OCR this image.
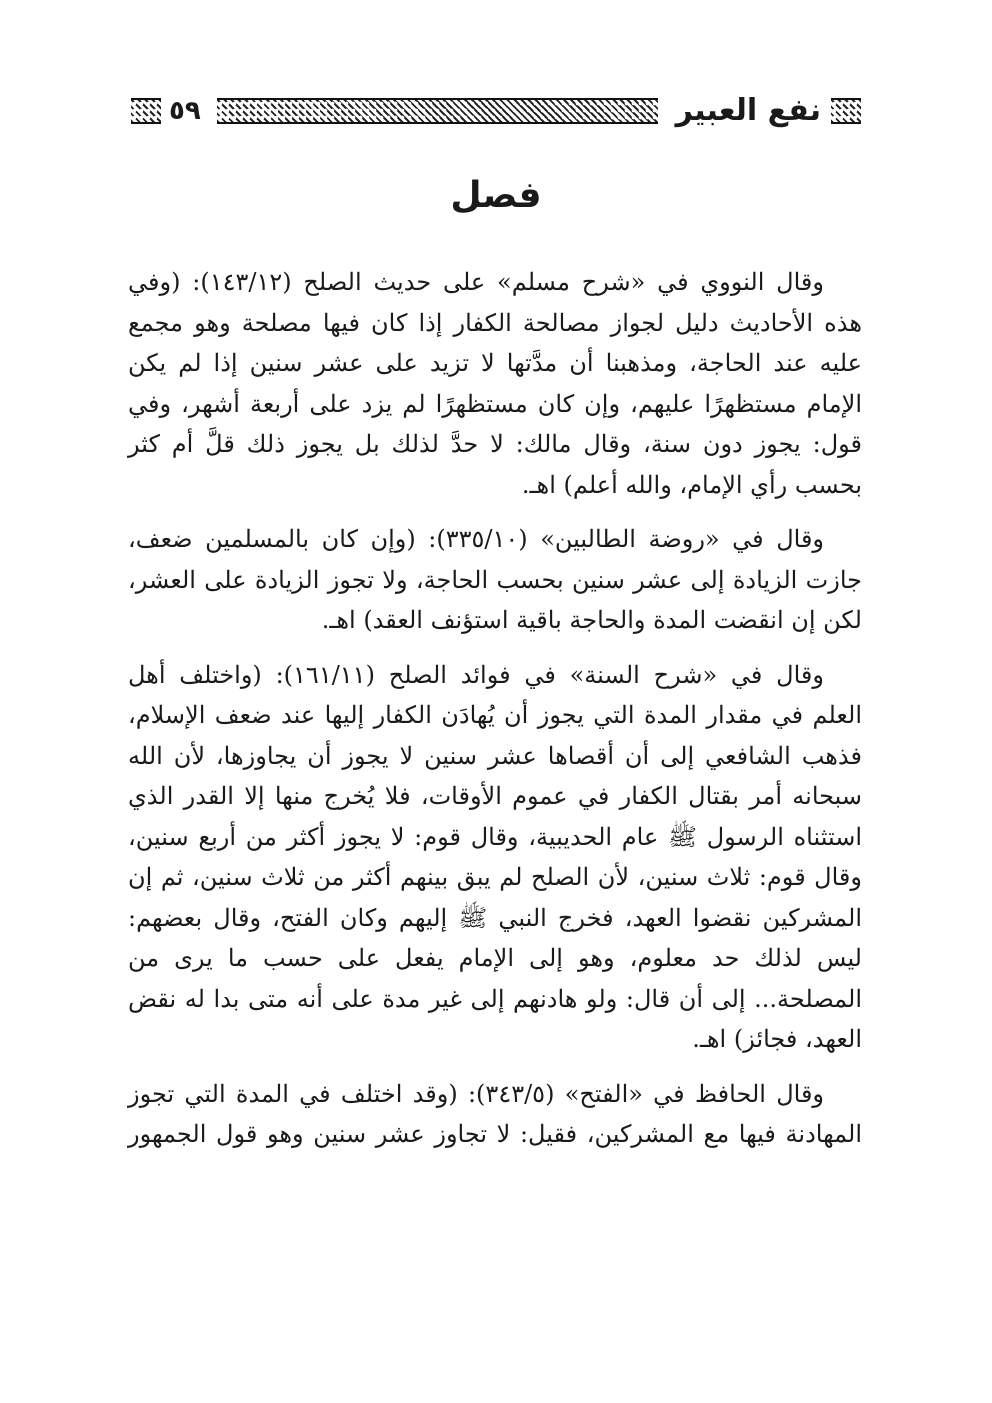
نفع العبير
٥٩
فصل

وقال النووي في «شرح مسلم» على حديث الصلح (١٤٣/١٢): (وفي هذه الأحاديث دليل لجواز مصالحة الكفار إذا كان فيها مصلحة وهو مجمع عليه عند الحاجة، ومذهبنا أن مدَّتها لا تزيد على عشر سنين إذا لم يكن الإمام مستظهرًا عليهم، وإن كان مستظهرًا لم يزد على أربعة أشهر، وفي قول: يجوز دون سنة، وقال مالك: لا حدَّ لذلك بل يجوز ذلك قلَّ أم كثر بحسب رأي الإمام، والله أعلم) اهـ.

وقال في «روضة الطالبين» (٣٣٥/١٠): (وإن كان بالمسلمين ضعف، جازت الزيادة إلى عشر سنين بحسب الحاجة، ولا تجوز الزيادة على العشر، لكن إن انقضت المدة والحاجة باقية استؤنف العقد) اهـ.

وقال في «شرح السنة» في فوائد الصلح (١٦١/١١): (واختلف أهل العلم في مقدار المدة التي يجوز أن يُهادَن الكفار إليها عند ضعف الإسلام، فذهب الشافعي إلى أن أقصاها عشر سنين لا يجوز أن يجاوزها، لأن الله سبحانه أمر بقتال الكفار في عموم الأوقات، فلا يُخرج منها إلا القدر الذي استثناه الرسول ﷺ عام الحديبية، وقال قوم: لا يجوز أكثر من أربع سنين، وقال قوم: ثلاث سنين، لأن الصلح لم يبق بينهم أكثر من ثلاث سنين، ثم إن المشركين نقضوا العهد، فخرج النبي ﷺ إليهم وكان الفتح، وقال بعضهم: ليس لذلك حد معلوم، وهو إلى الإمام يفعل على حسب ما يرى من المصلحة... إلى أن قال: ولو هادنهم إلى غير مدة على أنه متى بدا له نقض العهد، فجائز) اهـ.

وقال الحافظ في «الفتح» (٣٤٣/٥): (وقد اختلف في المدة التي تجوز المهادنة فيها مع المشركين، فقيل: لا تجاوز عشر سنين وهو قول الجمهور
